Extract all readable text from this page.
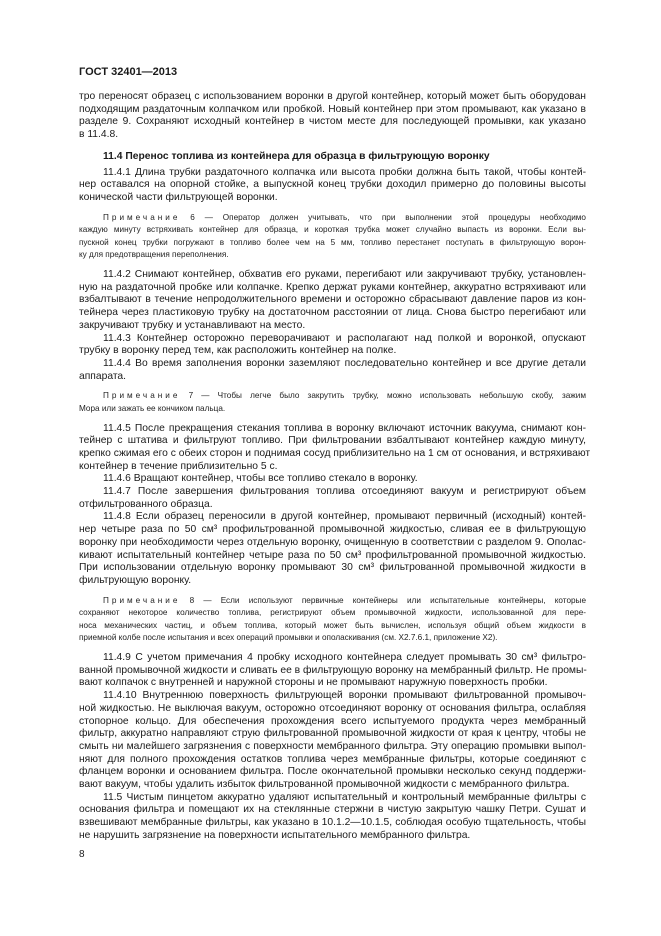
ГОСТ 32401—2013
тро переносят образец с использованием воронки в другой контейнер, который может быть оборудован
подходящим раздаточным колпачком или пробкой. Новый контейнер при этом промывают, как указано в
разделе 9. Сохраняют исходный контейнер в чистом месте для последующей промывки, как указано
в 11.4.8.
11.4 Перенос топлива из контейнера для образца в фильтрующую воронку
11.4.1 Длина трубки раздаточного колпачка или высота пробки должна быть такой, чтобы контей-
нер оставался на опорной стойке, а выпускной конец трубки доходил примерно до половины высоты
конической части фильтрующей воронки.
Примечание 6 — Оператор должен учитывать, что при выполнении этой процедуры необходимо
каждую минуту встряхивать контейнер для образца, и короткая трубка может случайно выпасть из воронки. Если вы-
пускной конец трубки погружают в топливо более чем на 5 мм, топливо перестанет поступать в фильтрующую ворон-
ку для предотвращения переполнения.
11.4.2 Снимают контейнер, обхватив его руками, перегибают или закручивают трубку, установлен-
ную на раздаточной пробке или колпачке. Крепко держат руками контейнер, аккуратно встряхивают или
взбалтывают в течение непродолжительного времени и осторожно сбрасывают давление паров из кон-
тейнера через пластиковую трубку на достаточном расстоянии от лица. Снова быстро перегибают или
закручивают трубку и устанавливают на место.
11.4.3 Контейнер осторожно переворачивают и располагают над полкой и воронкой, опускают
трубку в воронку перед тем, как расположить контейнер на полке.
11.4.4 Во время заполнения воронки заземляют последовательно контейнер и все другие детали
аппарата.
Примечание 7 — Чтобы легче было закрутить трубку, можно использовать небольшую скобу, зажим
Мора или зажать ее кончиком пальца.
11.4.5 После прекращения стекания топлива в воронку включают источник вакуума, снимают кон-
тейнер с штатива и фильтруют топливо. При фильтровании взбалтывают контейнер каждую минуту,
крепко сжимая его с обеих сторон и поднимая сосуд приблизительно на 1 см от основания, и встряхивают
контейнер в течение приблизительно 5 с.
11.4.6 Вращают контейнер, чтобы все топливо стекало в воронку.
11.4.7 После завершения фильтрования топлива отсоединяют вакуум и регистрируют объем
отфильтрованного образца.
11.4.8 Если образец переносили в другой контейнер, промывают первичный (исходный) контей-
нер четыре раза по 50 см³ профильтрованной промывочной жидкостью, сливая ее в фильтрующую
воронку при необходимости через отдельную воронку, очищенную в соответствии с разделом 9. Ополас-
кивают испытательный контейнер четыре раза по 50 см³ профильтрованной промывочной жидкостью.
При использовании отдельную воронку промывают 30 см³ фильтрованной промывочной жидкости в
фильтрующую воронку.
Примечание 8 — Если используют первичные контейнеры или испытательные контейнеры, которые
сохраняют некоторое количество топлива, регистрируют объем промывочной жидкости, использованной для пере-
носа механических частиц, и объем топлива, который может быть вычислен, используя общий объем жидкости в
приемной колбе после испытания и всех операций промывки и ополаскивания (см. X2.7.6.1, приложение X2).
11.4.9 С учетом примечания 4 пробку исходного контейнера следует промывать 30 см³ фильтро-
ванной промывочной жидкости и сливать ее в фильтрующую воронку на мембранный фильтр. Не промы-
вают колпачок с внутренней и наружной стороны и не промывают наружную поверхность пробки.
11.4.10 Внутреннюю поверхность фильтрующей воронки промывают фильтрованной промывоч-
ной жидкостью. Не выключая вакуум, осторожно отсоединяют воронку от основания фильтра, ослабляя
стопорное кольцо. Для обеспечения прохождения всего испытуемого продукта через мембранный
фильтр, аккуратно направляют струю фильтрованной промывочной жидкости от края к центру, чтобы не
смыть ни малейшего загрязнения с поверхности мембранного фильтра. Эту операцию промывки выпол-
няют для полного прохождения остатков топлива через мембранные фильтры, которые соединяют с
фланцем воронки и основанием фильтра. После окончательной промывки несколько секунд поддержи-
вают вакуум, чтобы удалить избыток фильтрованной промывочной жидкости с мембранного фильтра.
11.5 Чистым пинцетом аккуратно удаляют испытательный и контрольный мембранные фильтры с
основания фильтра и помещают их на стеклянные стержни в чистую закрытую чашку Петри. Сушат и
взвешивают мембранные фильтры, как указано в 10.1.2—10.1.5, соблюдая особую тщательность, чтобы
не нарушить загрязнение на поверхности испытательного мембранного фильтра.
8
